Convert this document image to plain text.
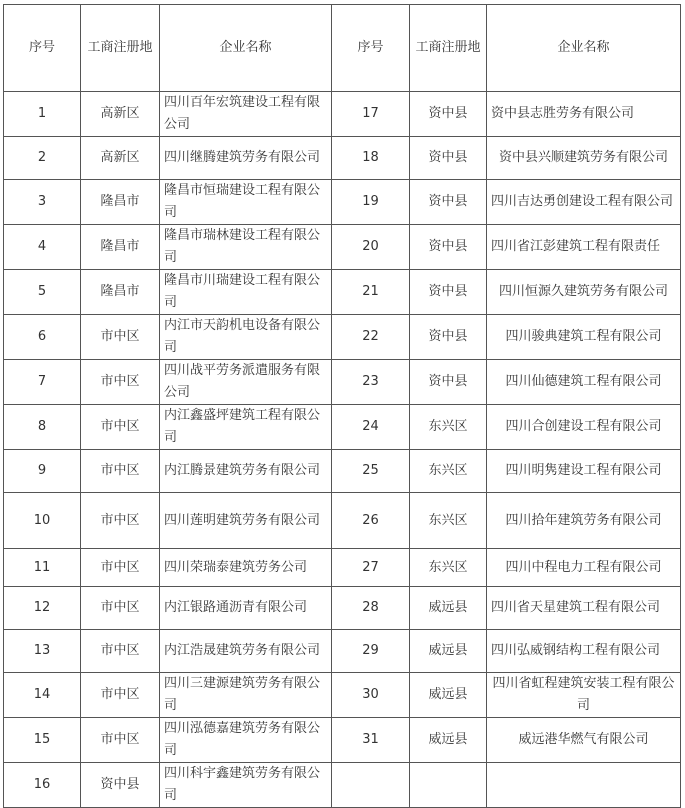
序号	工商注册地	企业名称	序号	工商注册地	企业名称
1	高新区	四川百年宏筑建设工程有限公司	17	资中县	资中县志胜劳务有限公司
2	高新区	四川继腾建筑劳务有限公司	18	资中县	资中县兴顺建筑劳务有限公司
3	隆昌市	隆昌市恒瑞建设工程有限公司	19	资中县	四川吉达勇创建设工程有限公司
4	隆昌市	隆昌市瑞林建设工程有限公司	20	资中县	四川省江彭建筑工程有限责任
5	隆昌市	隆昌市川瑞建设工程有限公司	21	资中县	四川恒源久建筑劳务有限公司
6	市中区	内江市天韵机电设备有限公司	22	资中县	四川骏典建筑工程有限公司
7	市中区	四川战平劳务派遣服务有限公司	23	资中县	四川仙德建筑工程有限公司
8	市中区	内江鑫盛坪建筑工程有限公司	24	东兴区	四川合创建设工程有限公司
9	市中区	内江腾景建筑劳务有限公司	25	东兴区	四川明隽建设工程有限公司
10	市中区	四川莲明建筑劳务有限公司	26	东兴区	四川拾年建筑劳务有限公司
11	市中区	四川荣瑞泰建筑劳务公司	27	东兴区	四川中程电力工程有限公司
12	市中区	内江银路通沥青有限公司	28	威远县	四川省天星建筑工程有限公司
13	市中区	内江浩晟建筑劳务有限公司	29	威远县	四川弘威钢结构工程有限公司
14	市中区	四川三建源建筑劳务有限公司	30	威远县	四川省虹程建筑安装工程有限公司
15	市中区	四川泓德嘉建筑劳务有限公司	31	威远县	威远港华燃气有限公司
16	资中县	四川科宇鑫建筑劳务有限公司			
